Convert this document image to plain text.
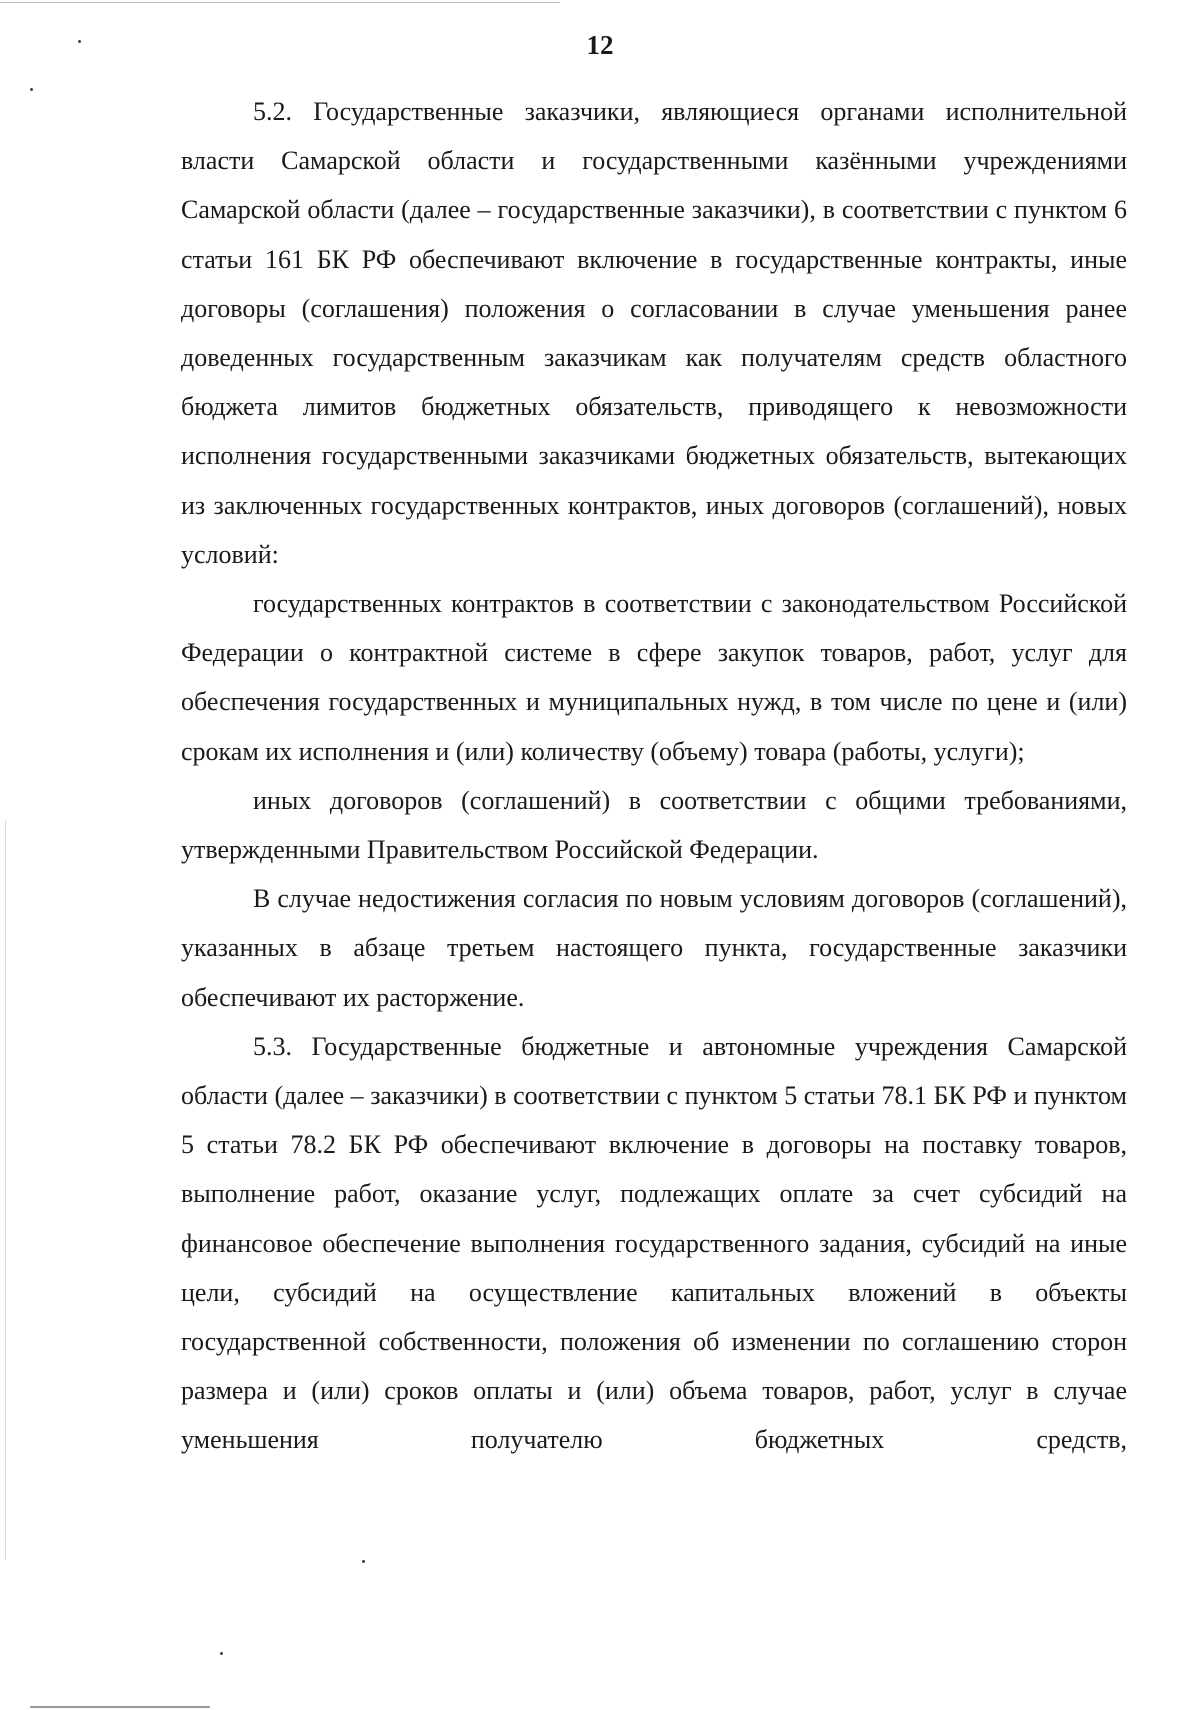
12

5.2. Государственные заказчики, являющиеся органами исполнительной власти Самарской области и государственными казёнными учреждениями Самарской области (далее – государственные заказчики), в соответствии с пунктом 6 статьи 161 БК РФ обеспечивают включение в государственные контракты, иные договоры (соглашения) положения о согласовании в случае уменьшения ранее доведенных государственным заказчикам как получателям средств областного бюджета лимитов бюджетных обязательств, приводящего к невозможности исполнения государственными заказчиками бюджетных обязательств, вытекающих из заключенных государственных контрактов, иных договоров (соглашений), новых условий:

государственных контрактов в соответствии с законодательством Российской Федерации о контрактной системе в сфере закупок товаров, работ, услуг для обеспечения государственных и муниципальных нужд, в том числе по цене и (или) срокам их исполнения и (или) количеству (объему) товара (работы, услуги);

иных договоров (соглашений) в соответствии с общими требованиями, утвержденными Правительством Российской Федерации.

В случае недостижения согласия по новым условиям договоров (соглашений), указанных в абзаце третьем настоящего пункта, государственные заказчики обеспечивают их расторжение.

5.3. Государственные бюджетные и автономные учреждения Самарской области (далее – заказчики) в соответствии с пунктом 5 статьи 78.1 БК РФ и пунктом 5 статьи 78.2 БК РФ обеспечивают включение в договоры на поставку товаров, выполнение работ, оказание услуг, подлежащих оплате за счет субсидий на финансовое обеспечение выполнения государственного задания, субсидий на иные цели, субсидий на осуществление капитальных вложений в объекты государственной собственности, положения об изменении по соглашению сторон размера и (или) сроков оплаты и (или) объема товаров, работ, услуг в случае уменьшения получателю бюджетных средств,
